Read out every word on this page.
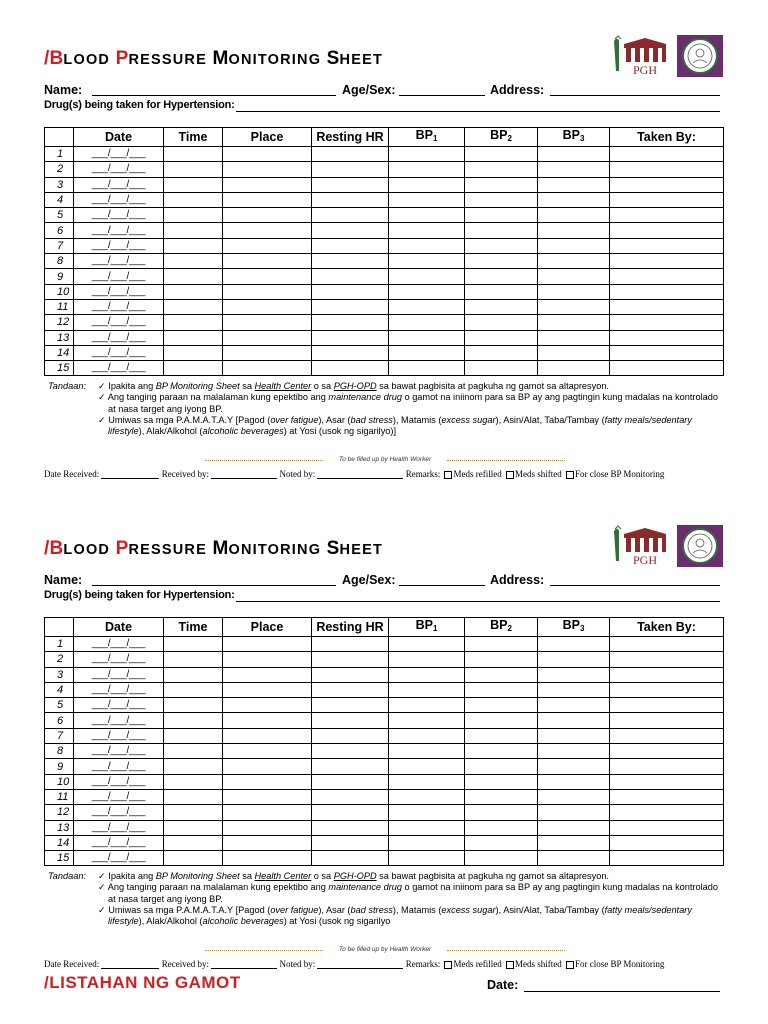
/BLOOD PRESSURE MONITORING SHEET
PGH
Name:	Age/Sex:	Address:
Drug(s) being taken for Hypertension:
	Date	Time	Place	Resting HR	$BP_1$	$BP_2$	$BP_3$	Taken By:
1	___/___/___							
2	___/___/___							
3	___/___/___							
4	___/___/___							
5	___/___/___							
6	___/___/___							
7	___/___/___							
8	___/___/___							
9	___/___/___							
10	___/___/___							
11	___/___/___							
12	___/___/___							
13	___/___/___							
14	___/___/___							
15	___/___/___							
Tandaan: ✓ Ipakita ang BP Monitoring Sheet sa Health Center o sa PGH-OPD sa bawat pagbisita at pagkuha ng gamot sa altapresyon.
✓ Ang tanging paraan na malalaman kung epektibo ang maintenance drug o gamot na iniinom para sa BP ay ang pagtingin kung madalas na kontrolado at nasa target ang iyong BP.
✓ Umiwas sa mga P.A.M.A.T.A.Y [Pagod (over fatigue), Asar (bad stress), Matamis (excess sugar), Asin/Alat, Taba/Tambay (fatty meals/sedentary lifestyle), Alak/Alkohol (alcoholic beverages) at Yosi (usok ng sigarilyo)]
To be filled up by Health Worker
Date Received:	Received by:	Noted by:	Remarks: Meds refilled Meds shifted For close BP Monitoring
/BLOOD PRESSURE MONITORING SHEET
PGH
Name:	Age/Sex:	Address:
Drug(s) being taken for Hypertension:
	Date	Time	Place	Resting HR	$BP_1$	$BP_2$	$BP_3$	Taken By:
1	___/___/___							
2	___/___/___							
3	___/___/___							
4	___/___/___							
5	___/___/___							
6	___/___/___							
7	___/___/___							
8	___/___/___							
9	___/___/___							
10	___/___/___							
11	___/___/___							
12	___/___/___							
13	___/___/___							
14	___/___/___							
15	___/___/___							
Tandaan: ✓ Ipakita ang BP Monitoring Sheet sa Health Center o sa PGH-OPD sa bawat pagbisita at pagkuha ng gamot sa altapresyon.
✓ Ang tanging paraan na malalaman kung epektibo ang maintenance drug o gamot na iniinom para sa BP ay ang pagtingin kung madalas na kontrolado at nasa target ang iyong BP.
✓ Umiwas sa mga P.A.M.A.T.A.Y [Pagod (over fatigue), Asar (bad stress), Matamis (excess sugar), Asin/Alat, Taba/Tambay (fatty meals/sedentary lifestyle), Alak/Alkohol (alcoholic beverages) at Yosi (usok ng sigarilyo
To be filled up by Health Worker
Date Received:	Received by:	Noted by:	Remarks: Meds refilled Meds shifted For close BP Monitoring
/LISTAHAN NG GAMOT	Date:
